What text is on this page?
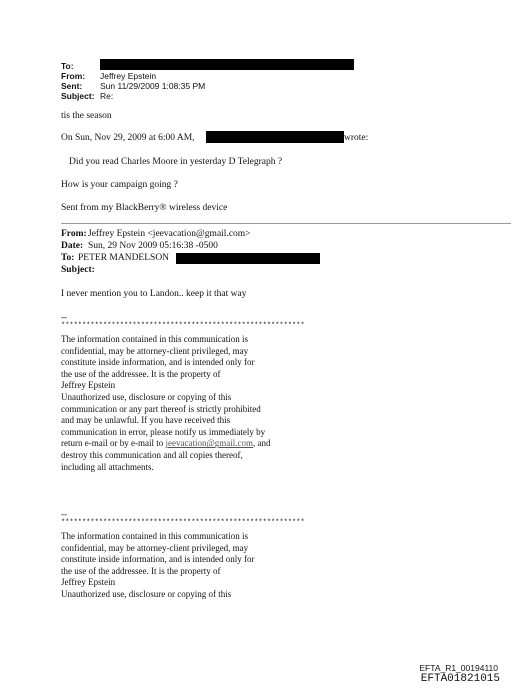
To:
From: Jeffrey Epstein
Sent: Sun 11/29/2009 1:08:35 PM
Subject: Re:
tis the season
On Sun, Nov 29, 2009 at 6:00 AM,	wrote:
Did you read Charles Moore in yesterday D Telegraph ?
How is your campaign going ?
Sent from my BlackBerry® wireless device
From: Jeffrey Epstein <jeevacation@gmail.com>
Date: Sun, 29 Nov 2009 05:16:38 -0500
To: PETER MANDELSON
Subject:
I never mention you to Landon.. keep it that way
--
**********************************************************
The information contained in this communication is
confidential, may be attorney-client privileged, may
constitute inside information, and is intended only for
the use of the addressee. It is the property of
Jeffrey Epstein
Unauthorized use, disclosure or copying of this
communication or any part thereof is strictly prohibited
and may be unlawful. If you have received this
communication in error, please notify us immediately by
return e-mail or by e-mail to jeevacation@gmail.com, and
destroy this communication and all copies thereof,
including all attachments.
--
**********************************************************
The information contained in this communication is
confidential, may be attorney-client privileged, may
constitute inside information, and is intended only for
the use of the addressee. It is the property of
Jeffrey Epstein
Unauthorized use, disclosure or copying of this
EFTA_R1_00194110
EFTA01821015
